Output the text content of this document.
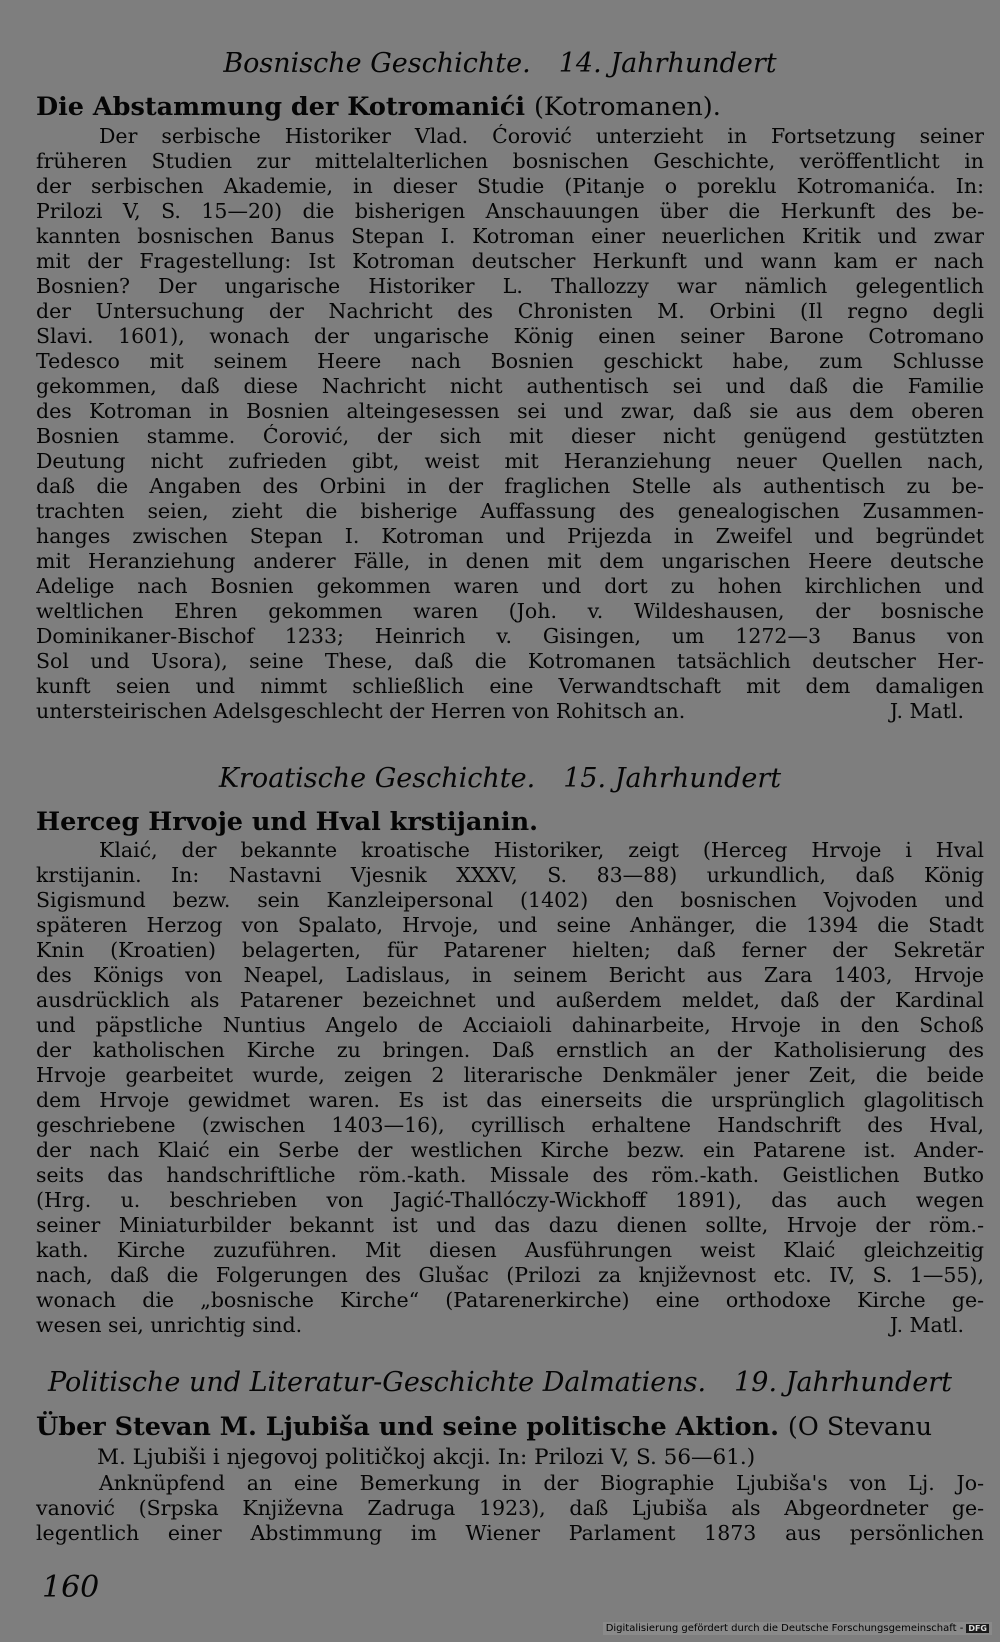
Bosnische Geschichte. 14. Jahrhundert
Die Abstammung der Kotromanići (Kotromanen).
Der serbische Historiker Vlad. Ćorović unterzieht in Fortsetzung seiner
früheren Studien zur mittelalterlichen bosnischen Geschichte, veröffentlicht in
der serbischen Akademie, in dieser Studie (Pitanje o poreklu Kotromanića. In:
Prilozi V, S. 15—20) die bisherigen Anschauungen über die Herkunft des be-
kannten bosnischen Banus Stepan I. Kotroman einer neuerlichen Kritik und zwar
mit der Fragestellung: Ist Kotroman deutscher Herkunft und wann kam er nach
Bosnien? Der ungarische Historiker L. Thallozzy war nämlich gelegentlich
der Untersuchung der Nachricht des Chronisten M. Orbini (Il regno degli
Slavi. 1601), wonach der ungarische König einen seiner Barone Cotromano
Tedesco mit seinem Heere nach Bosnien geschickt habe, zum Schlusse
gekommen, daß diese Nachricht nicht authentisch sei und daß die Familie
des Kotroman in Bosnien alteingesessen sei und zwar, daß sie aus dem oberen
Bosnien stamme. Ćorović, der sich mit dieser nicht genügend gestützten
Deutung nicht zufrieden gibt, weist mit Heranziehung neuer Quellen nach,
daß die Angaben des Orbini in der fraglichen Stelle als authentisch zu be-
trachten seien, zieht die bisherige Auffassung des genealogischen Zusammen-
hanges zwischen Stepan I. Kotroman und Prijezda in Zweifel und begründet
mit Heranziehung anderer Fälle, in denen mit dem ungarischen Heere deutsche
Adelige nach Bosnien gekommen waren und dort zu hohen kirchlichen und
weltlichen Ehren gekommen waren (Joh. v. Wildeshausen, der bosnische
Dominikaner-Bischof 1233; Heinrich v. Gisingen, um 1272—3 Banus von
Sol und Usora), seine These, daß die Kotromanen tatsächlich deutscher Her-
kunft seien und nimmt schließlich eine Verwandtschaft mit dem damaligen
untersteirischen Adelsgeschlecht der Herren von Rohitsch an.	J. Matl.
Kroatische Geschichte. 15. Jahrhundert
Herceg Hrvoje und Hval krstijanin.
Klaić, der bekannte kroatische Historiker, zeigt (Herceg Hrvoje i Hval
krstijanin. In: Nastavni Vjesnik XXXV, S. 83—88) urkundlich, daß König
Sigismund bezw. sein Kanzleipersonal (1402) den bosnischen Vojvoden und
späteren Herzog von Spalato, Hrvoje, und seine Anhänger, die 1394 die Stadt
Knin (Kroatien) belagerten, für Patarener hielten; daß ferner der Sekretär
des Königs von Neapel, Ladislaus, in seinem Bericht aus Zara 1403, Hrvoje
ausdrücklich als Patarener bezeichnet und außerdem meldet, daß der Kardinal
und päpstliche Nuntius Angelo de Acciaioli dahinarbeite, Hrvoje in den Schoß
der katholischen Kirche zu bringen. Daß ernstlich an der Katholisierung des
Hrvoje gearbeitet wurde, zeigen 2 literarische Denkmäler jener Zeit, die beide
dem Hrvoje gewidmet waren. Es ist das einerseits die ursprünglich glagolitisch
geschriebene (zwischen 1403—16), cyrillisch erhaltene Handschrift des Hval,
der nach Klaić ein Serbe der westlichen Kirche bezw. ein Patarene ist. Ander-
seits das handschriftliche röm.-kath. Missale des röm.-kath. Geistlichen Butko
(Hrg. u. beschrieben von Jagić-Thallóczy-Wickhoff 1891), das auch wegen
seiner Miniaturbilder bekannt ist und das dazu dienen sollte, Hrvoje der röm.-
kath. Kirche zuzuführen. Mit diesen Ausführungen weist Klaić gleichzeitig
nach, daß die Folgerungen des Glušac (Prilozi za književnost etc. IV, S. 1—55),
wonach die „bosnische Kirche“ (Patarenerkirche) eine orthodoxe Kirche ge-
wesen sei, unrichtig sind.	J. Matl.
Politische und Literatur-Geschichte Dalmatiens. 19. Jahrhundert
Über Stevan M. Ljubiša und seine politische Aktion. (O Stevanu
M. Ljubiši i njegovoj političkoj akcji. In: Prilozi V, S. 56—61.)
Anknüpfend an eine Bemerkung in der Biographie Ljubiša's von Lj. Jo-
vanović (Srpska Književna Zadruga 1923), daß Ljubiša als Abgeordneter ge-
legentlich einer Abstimmung im Wiener Parlament 1873 aus persönlichen
160
Digitalisierung gefördert durch die Deutsche Forschungsgemeinschaft - DFG
